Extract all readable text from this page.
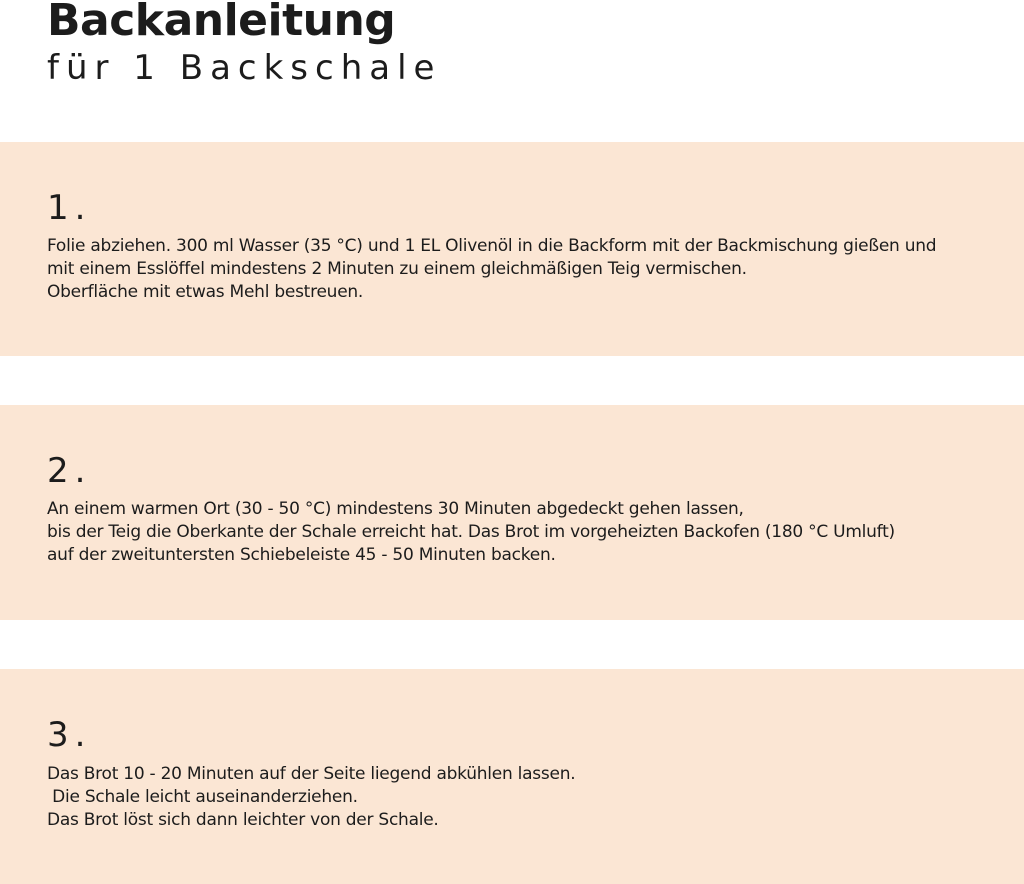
Backanleitung
für 1 Backschale
1.

Folie abziehen. 300 ml Wasser (35 °C) und 1 EL Olivenöl in die Backform mit der Backmischung gießen und
mit einem Esslöffel mindestens 2 Minuten zu einem gleichmäßigen Teig vermischen.
Oberfläche mit etwas Mehl bestreuen.

2.

An einem warmen Ort (30 - 50 °C) mindestens 30 Minuten abgedeckt gehen lassen,
bis der Teig die Oberkante der Schale erreicht hat. Das Brot im vorgeheizten Backofen (180 °C Umluft)
auf der zweituntersten Schiebeleiste 45 - 50 Minuten backen.

3.

Das Brot 10 - 20 Minuten auf der Seite liegend abkühlen lassen.
Die Schale leicht auseinanderziehen.
Das Brot löst sich dann leichter von der Schale.
